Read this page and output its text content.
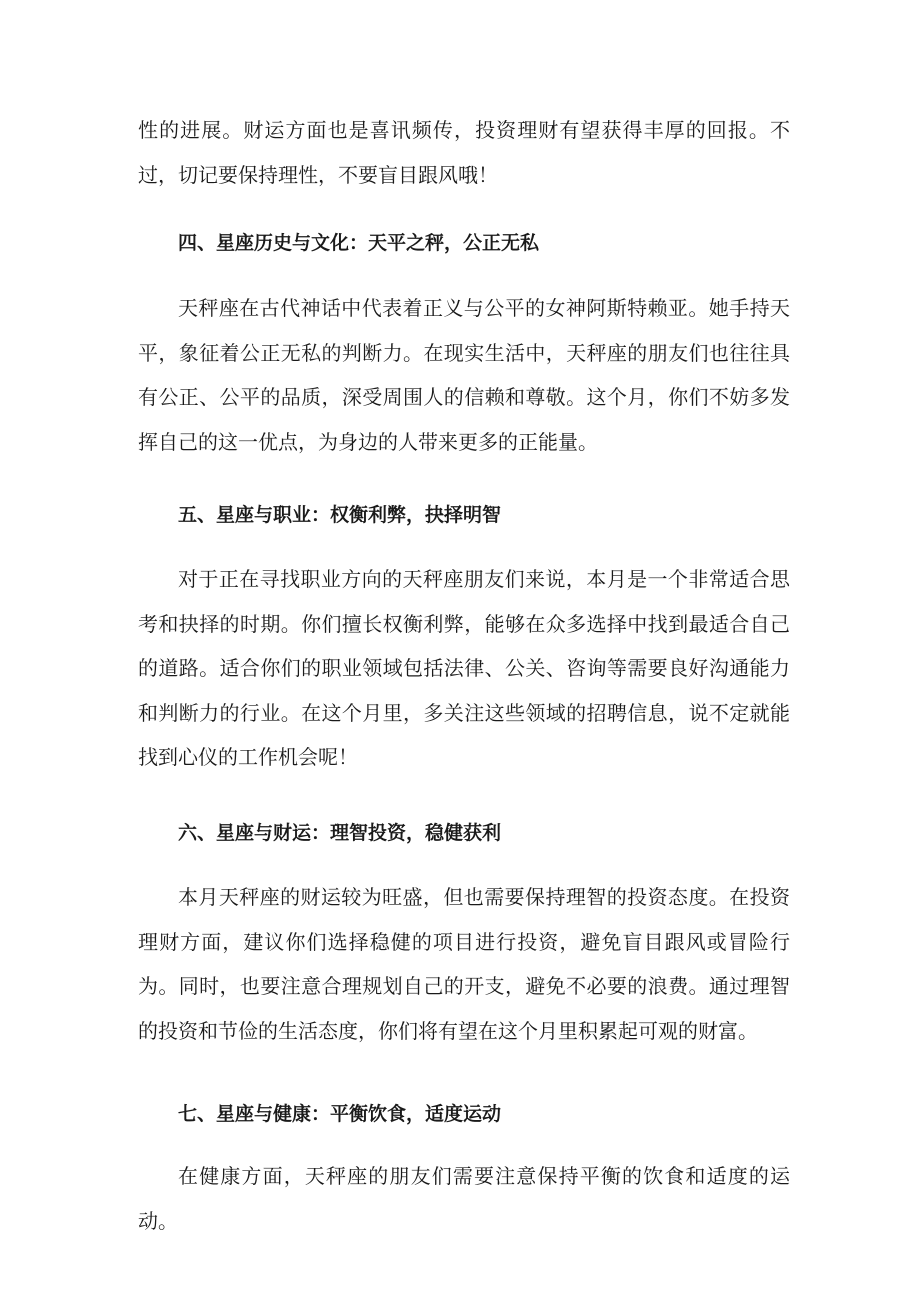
性的进展。财运方面也是喜讯频传，投资理财有望获得丰厚的回报。不过，切记要保持理性，不要盲目跟风哦！

四、星座历史与文化：天平之秤，公正无私

天秤座在古代神话中代表着正义与公平的女神阿斯特赖亚。她手持天平，象征着公正无私的判断力。在现实生活中，天秤座的朋友们也往往具有公正、公平的品质，深受周围人的信赖和尊敬。这个月，你们不妨多发挥自己的这一优点，为身边的人带来更多的正能量。

五、星座与职业：权衡利弊，抉择明智

对于正在寻找职业方向的天秤座朋友们来说，本月是一个非常适合思考和抉择的时期。你们擅长权衡利弊，能够在众多选择中找到最适合自己的道路。适合你们的职业领域包括法律、公关、咨询等需要良好沟通能力和判断力的行业。在这个月里，多关注这些领域的招聘信息，说不定就能找到心仪的工作机会呢！

六、星座与财运：理智投资，稳健获利

本月天秤座的财运较为旺盛，但也需要保持理智的投资态度。在投资理财方面，建议你们选择稳健的项目进行投资，避免盲目跟风或冒险行为。同时，也要注意合理规划自己的开支，避免不必要的浪费。通过理智的投资和节俭的生活态度，你们将有望在这个月里积累起可观的财富。

七、星座与健康：平衡饮食，适度运动

在健康方面，天秤座的朋友们需要注意保持平衡的饮食和适度的运动。
